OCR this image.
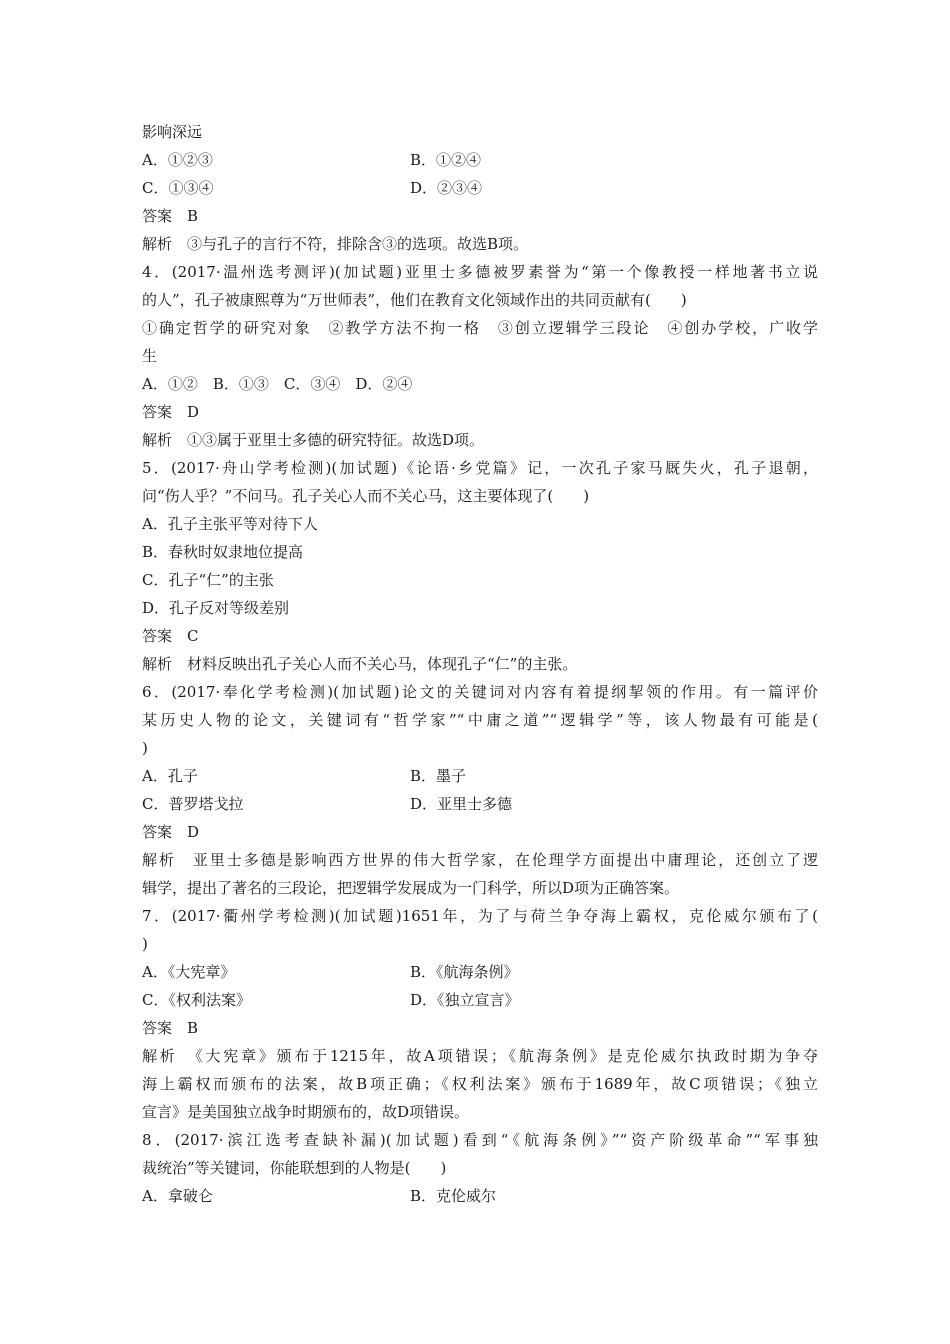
影响深远
A．①②③	B．①②④
C．①③④	D．②③④
答案　B
解析　③与孔子的言行不符，排除含③的选项。故选B项。
4．(2017·温州选考测评)(加试题)亚里士多德被罗素誉为“第一个像教授一样地著书立说
的人”，孔子被康熙尊为“万世师表”，他们在教育文化领域作出的共同贡献有(　　)
①确定哲学的研究对象　②教学方法不拘一格　③创立逻辑学三段论　④创办学校，广收学
生
A．①②　B．①③　C．③④　D．②④
答案　D
解析　①③属于亚里士多德的研究特征。故选D项。
5．(2017·舟山学考检测)(加试题)《论语·乡党篇》记，一次孔子家马厩失火，孔子退朝，
问“伤人乎？”不问马。孔子关心人而不关心马，这主要体现了(　　)
A．孔子主张平等对待下人
B．春秋时奴隶地位提高
C．孔子“仁”的主张
D．孔子反对等级差别
答案　C
解析　材料反映出孔子关心人而不关心马，体现孔子“仁”的主张。
6．(2017·奉化学考检测)(加试题)论文的关键词对内容有着提纲挈领的作用。有一篇评价
某历史人物的论文，关键词有“哲学家”“中庸之道”“逻辑学”等，该人物最有可能是(
)
A．孔子	B．墨子
C．普罗塔戈拉	D．亚里士多德
答案　D
解析　亚里士多德是影响西方世界的伟大哲学家，在伦理学方面提出中庸理论，还创立了逻
辑学，提出了著名的三段论，把逻辑学发展成为一门科学，所以D项为正确答案。
7．(2017·衢州学考检测)(加试题)1651年，为了与荷兰争夺海上霸权，克伦威尔颁布了(
)
A．《大宪章》	B．《航海条例》
C．《权利法案》	D．《独立宣言》
答案　B
解析　《大宪章》颁布于1215年，故A项错误；《航海条例》是克伦威尔执政时期为争夺
海上霸权而颁布的法案，故B项正确；《权利法案》颁布于1689年，故C项错误；《独立
宣言》是美国独立战争时期颁布的，故D项错误。
8．(2017·滨江选考查缺补漏)(加试题)看到“《航海条例》”“资产阶级革命”“军事独
裁统治”等关键词，你能联想到的人物是(　　)
A．拿破仑	B．克伦威尔
